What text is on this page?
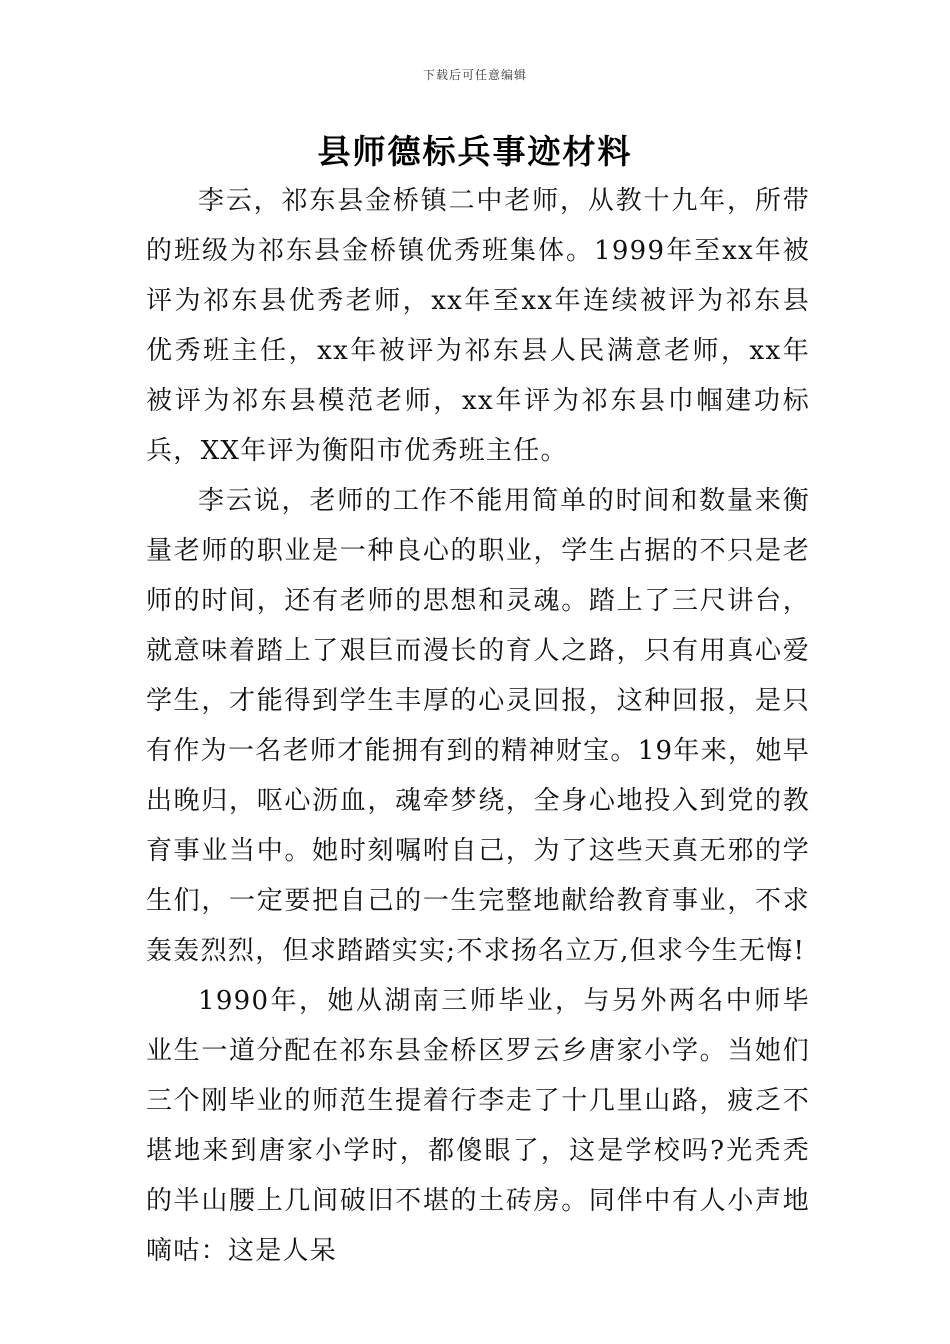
下载后可任意编辑
县师德标兵事迹材料

李云，祁东县金桥镇二中老师，从教十九年，所带的班级为祁东县金桥镇优秀班集体。1999年至xx年被评为祁东县优秀老师，xx年至xx年连续被评为祁东县优秀班主任，xx年被评为祁东县人民满意老师，xx年被评为祁东县模范老师，xx年评为祁东县巾帼建功标兵，XX年评为衡阳市优秀班主任。

李云说，老师的工作不能用简单的时间和数量来衡量老师的职业是一种良心的职业，学生占据的不只是老师的时间，还有老师的思想和灵魂。踏上了三尺讲台，就意味着踏上了艰巨而漫长的育人之路，只有用真心爱学生，才能得到学生丰厚的心灵回报，这种回报，是只有作为一名老师才能拥有到的精神财宝。19年来，她早出晚归，呕心沥血，魂牵梦绕，全身心地投入到党的教育事业当中。她时刻嘱咐自己，为了这些天真无邪的学生们，一定要把自己的一生完整地献给教育事业，不求轰轰烈烈，但求踏踏实实;不求扬名立万,但求今生无悔!

1990年，她从湖南三师毕业，与另外两名中师毕业生一道分配在祁东县金桥区罗云乡唐家小学。当她们三个刚毕业的师范生提着行李走了十几里山路，疲乏不堪地来到唐家小学时，都傻眼了，这是学校吗?光秃秃的半山腰上几间破旧不堪的土砖房。同伴中有人小声地嘀咕：这是人呆
